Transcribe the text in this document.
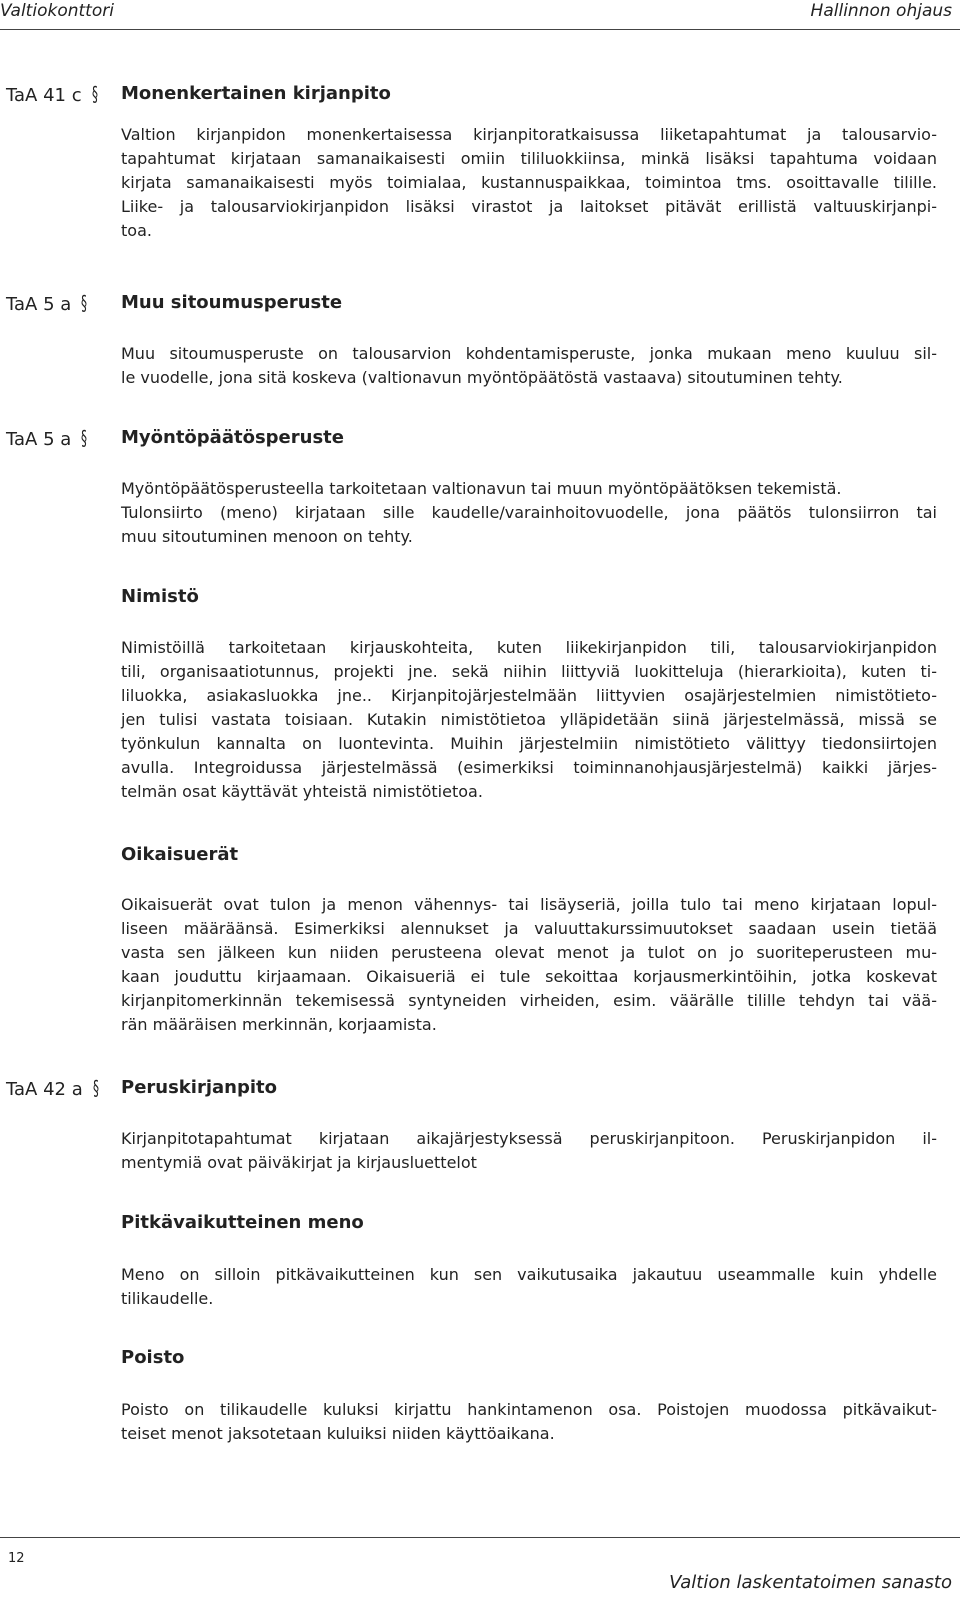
Valtiokonttori	Hallinnon ohjaus
TaA 41 c § Monenkertainen kirjanpito
Valtion kirjanpidon monenkertaisessa kirjanpitoratkaisussa liiketapahtumat ja talousarvio-
tapahtumat kirjataan samanaikaisesti omiin tililuokkiinsa, minkä lisäksi tapahtuma voidaan
kirjata samanaikaisesti myös toimialaa, kustannuspaikkaa, toimintoa tms. osoittavalle tilille.
Liike- ja talousarviokirjanpidon lisäksi virastot ja laitokset pitävät erillistä valtuuskirjanpi-
toa.
TaA 5 a § Muu sitoumusperuste
Muu sitoumusperuste on talousarvion kohdentamisperuste, jonka mukaan meno kuuluu sil-
le vuodelle, jona sitä koskeva (valtionavun myöntöpäätöstä vastaava) sitoutuminen tehty.
TaA 5 a § Myöntöpäätösperuste
Myöntöpäätösperusteella tarkoitetaan valtionavun tai muun myöntöpäätöksen tekemistä.
Tulonsiirto (meno) kirjataan sille kaudelle/varainhoitovuodelle, jona päätös tulonsiirron tai
muu sitoutuminen menoon on tehty.
Nimistö
Nimistöillä tarkoitetaan kirjauskohteita, kuten liikekirjanpidon tili, talousarviokirjanpidon
tili, organisaatiotunnus, projekti jne. sekä niihin liittyviä luokitteluja (hierarkioita), kuten ti-
liluokka, asiakasluokka jne.. Kirjanpitojärjestelmään liittyvien osajärjestelmien nimistötieto-
jen tulisi vastata toisiaan. Kutakin nimistötietoa ylläpidetään siinä järjestelmässä, missä se
työnkulun kannalta on luontevinta. Muihin järjestelmiin nimistötieto välittyy tiedonsiirtojen
avulla. Integroidussa järjestelmässä (esimerkiksi toiminnanohjausjärjestelmä) kaikki järjes-
telmän osat käyttävät yhteistä nimistötietoa.
Oikaisuerät
Oikaisuerät ovat tulon ja menon vähennys- tai lisäyseriä, joilla tulo tai meno kirjataan lopul-
liseen määräänsä. Esimerkiksi alennukset ja valuuttakurssimuutokset saadaan usein tietää
vasta sen jälkeen kun niiden perusteena olevat menot ja tulot on jo suoriteperusteen mu-
kaan jouduttu kirjaamaan. Oikaisueriä ei tule sekoittaa korjausmerkintöihin, jotka koskevat
kirjanpitomerkinnän tekemisessä syntyneiden virheiden, esim. väärälle tilille tehdyn tai vää-
rän määräisen merkinnän, korjaamista.
TaA 42 a § Peruskirjanpito
Kirjanpitotapahtumat kirjataan aikajärjestyksessä peruskirjanpitoon. Peruskirjanpidon il-
mentymiä ovat päiväkirjat ja kirjausluettelot
Pitkävaikutteinen meno
Meno on silloin pitkävaikutteinen kun sen vaikutusaika jakautuu useammalle kuin yhdelle
tilikaudelle.
Poisto
Poisto on tilikaudelle kuluksi kirjattu hankintamenon osa. Poistojen muodossa pitkävaikut-
teiset menot jaksotetaan kuluiksi niiden käyttöaikana.
12
Valtion laskentatoimen sanasto
